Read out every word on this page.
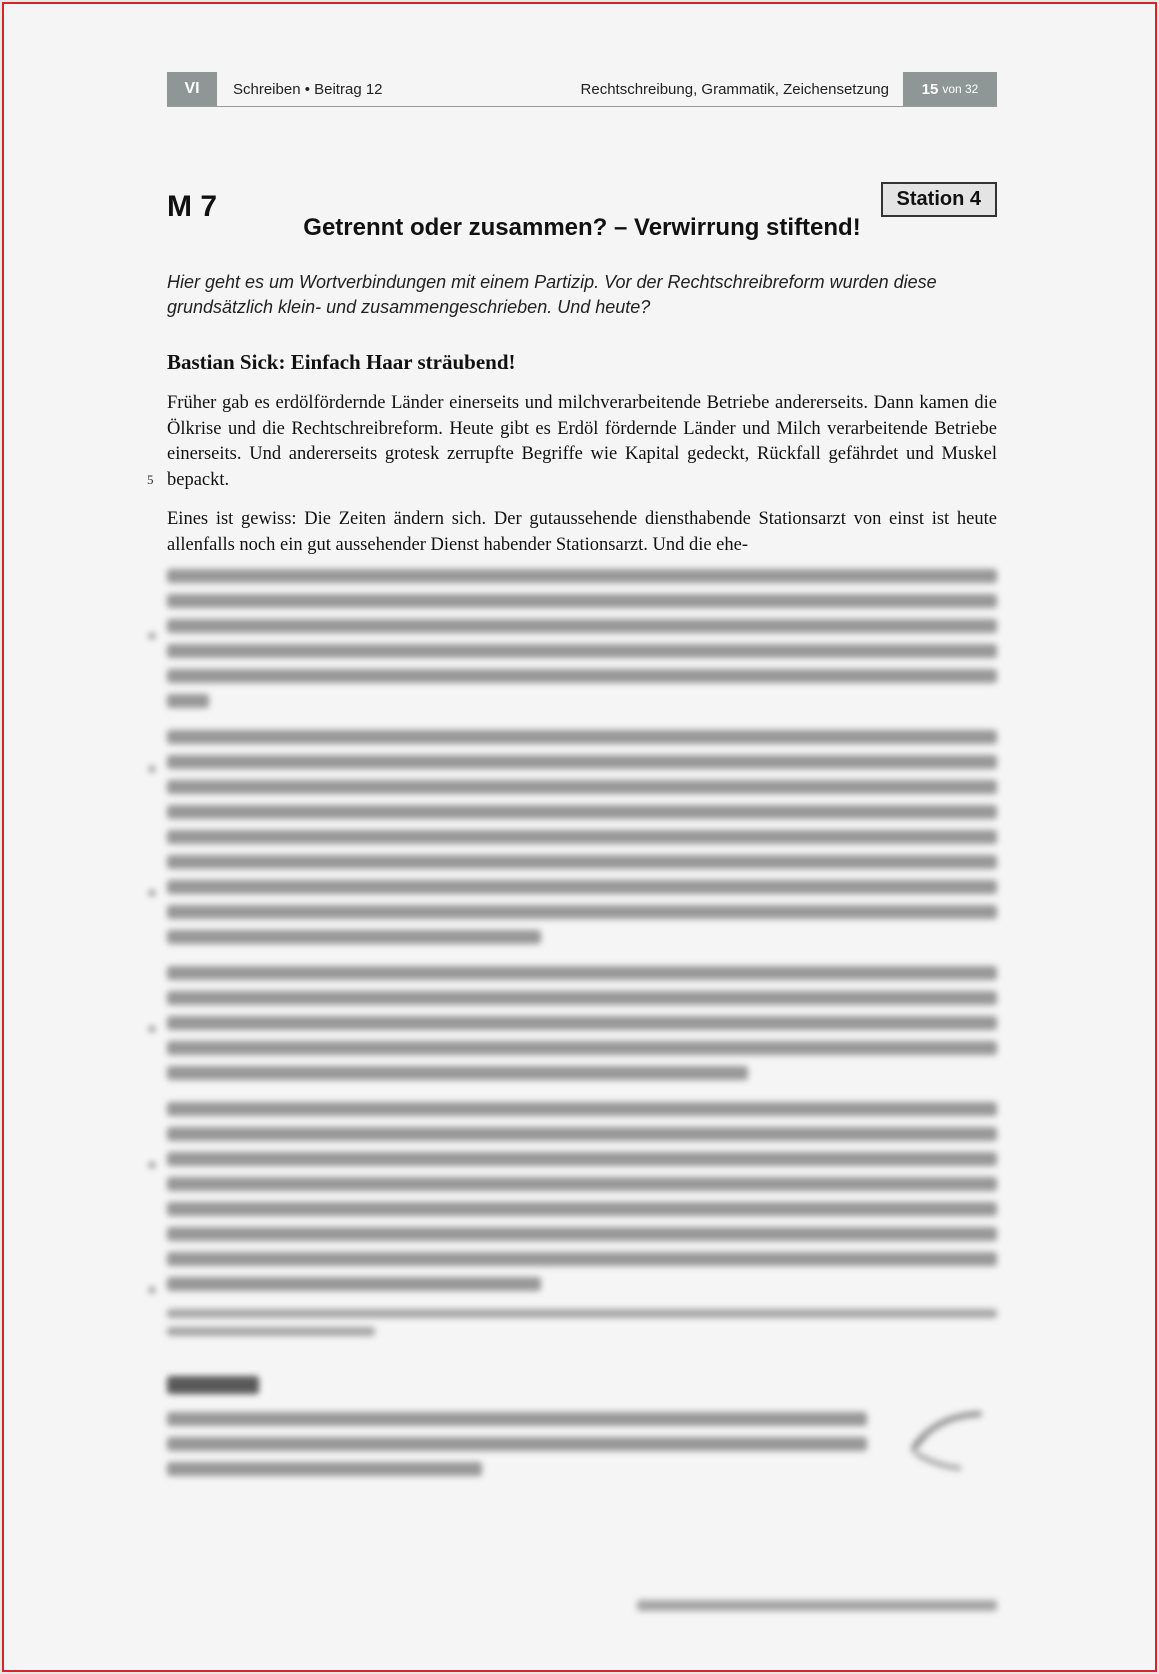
VI	Schreiben • Beitrag 12	Rechtschreibung, Grammatik, Zeichensetzung 15 von 32
M 7	Station 4
Getrennt oder zusammen? – Verwirrung stiftend!
Hier geht es um Wortverbindungen mit einem Partizip. Vor der Rechtschreibreform wurden diese grundsätzlich klein- und zusammengeschrieben. Und heute?
Bastian Sick: Einfach Haar sträubend!
5
Früher gab es erdölfördernde Länder einerseits und milchverarbeitende Betriebe andererseits. Dann kamen die Ölkrise und die Rechtschreibreform. Heute gibt es Erdöl fördernde Länder und Milch verarbeitende Betriebe einerseits. Und andererseits grotesk zerrupfte Begriffe wie Kapital gedeckt, Rückfall gefährdet und Muskel bepackt.
Eines ist gewiss: Die Zeiten ändern sich. Der gutaussehende diensthabende Stationsarzt von einst ist heute allenfalls noch ein gut aussehender Dienst habender Stationsarzt. Und die ehe-
